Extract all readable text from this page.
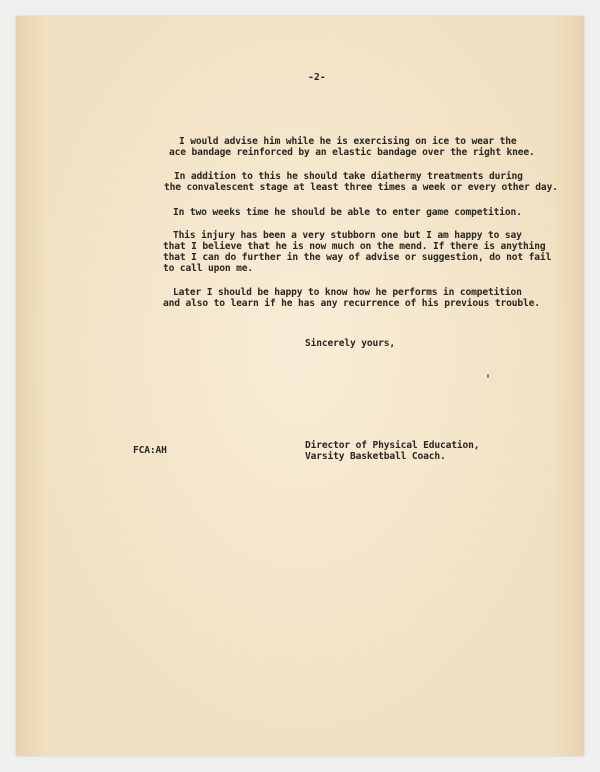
-2-
I would advise him while he is exercising on ice to wear the
ace bandage reinforced by an elastic bandage over the right knee.
In addition to this he should take diathermy treatments during
the convalescent stage at least three times a week or every other day.
In two weeks time he should be able to enter game competition.
This injury has been a very stubborn one but I am happy to say
that I believe that he is now much on the mend. If there is anything
that I can do further in the way of advise or suggestion, do not fail
to call upon me.
Later I should be happy to know how he performs in competition
and also to learn if he has any recurrence of his previous trouble.
Sincerely yours,
FCA:AH	Director of Physical Education,
Varsity Basketball Coach.
